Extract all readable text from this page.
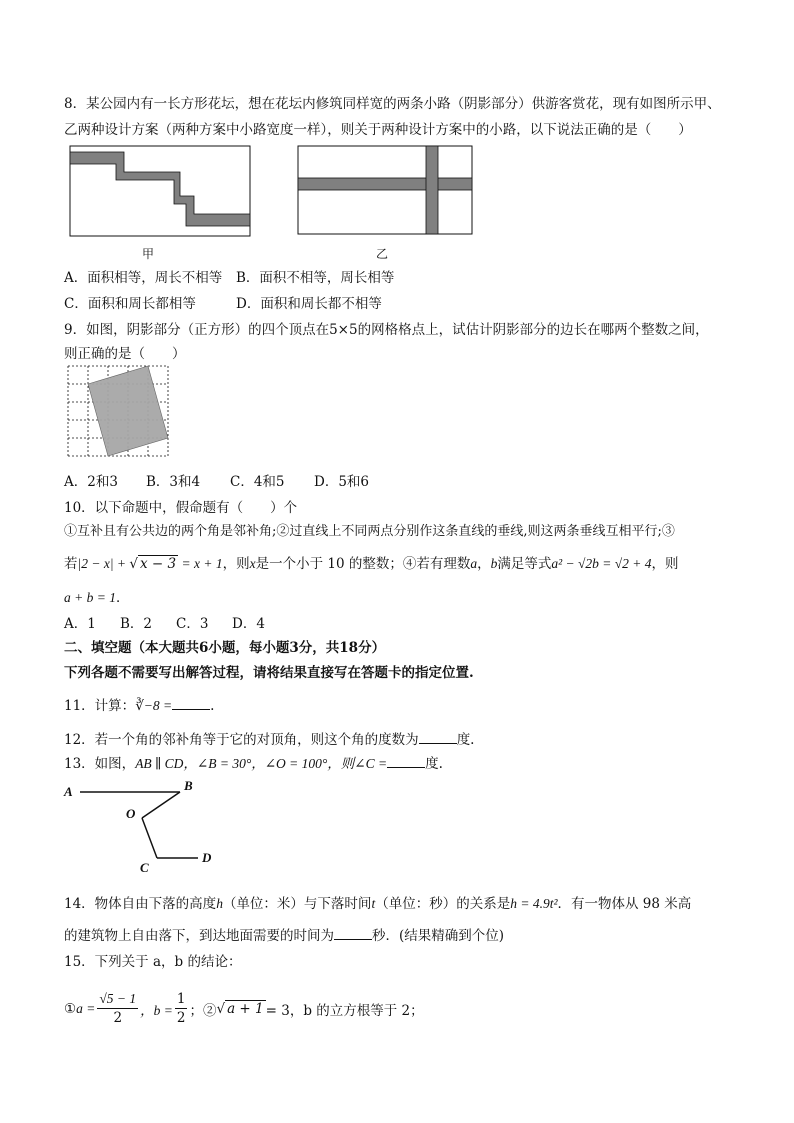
8．某公园内有一长方形花坛，想在花坛内修筑同样宽的两条小路（阴影部分）供游客赏花，现有如图所示甲、
乙两种设计方案（两种方案中小路宽度一样），则关于两种设计方案中的小路，以下说法正确的是（　　）
甲	乙
A．面积相等，周长不相等 B．面积不相等，周长相等
C．面积和周长都相等	D．面积和周长都不相等
9．如图，阴影部分（正方形）的四个顶点在5×5的网格格点上，试估计阴影部分的边长在哪两个整数之间，
则正确的是（　　）
A．2和3 B．3和4 C．4和5 D．5和6
10．以下命题中，假命题有（　　）个
①互补且有公共边的两个角是邻补角;②过直线上不同两点分别作这条直线的垂线,则这两条垂线互相平行;③
若|2 − x| + √ x − 3 = x + 1，则x是一个小于 10 的整数；④若有理数a，b满足等式a² − √2b = √2 + 4，则
a + b = 1．
A．1 B．2 C．3 D．4
二、填空题（本大题共6小题，每小题3分，共18分）
下列各题不需要写出解答过程，请将结果直接写在答题卡的指定位置.
11．计算：∛−8 =	.
12．若一个角的邻补角等于它的对顶角，则这个角的度数为	度.
13．如图，AB ∥ CD，∠B = 30°，∠O = 100°，则∠C =	度.
A	B
O
C
D
14．物体自由下落的高度h（单位：米）与下落时间t（单位：秒）的关系是h = 4.9t²．有一物体从 98 米高
的建筑物上自由落下，到达地面需要的时间为	秒．(结果精确到个位)
15．下列关于 a，b 的结论：
① $a = \frac{√5 - 1}{2}$ ，$b = \frac{1}{2}$ ；② √ a + 1 = 3，b 的立方根等于 2；
